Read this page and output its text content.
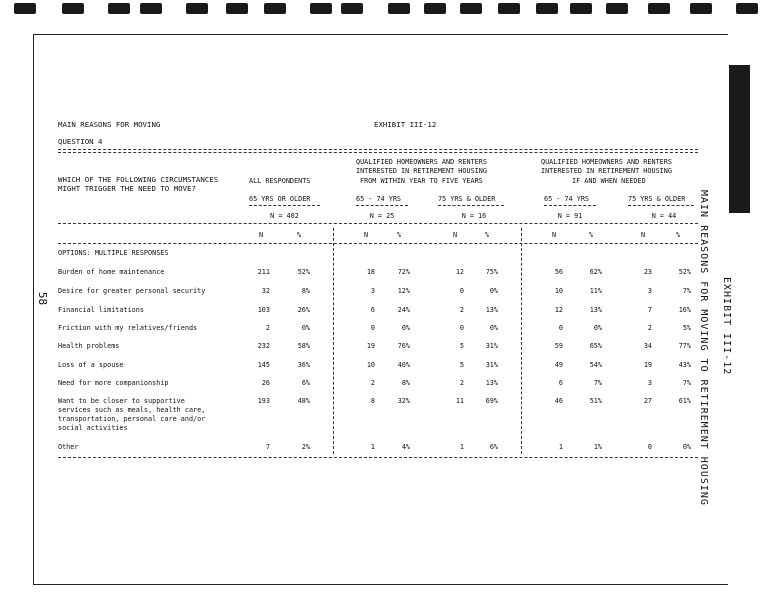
58	MAIN REASONS FOR MOVING TO RETIREMENT HOUSING EXHIBIT III-12
MAIN REASONS FOR MOVING	EXHIBIT III-12
QUESTION 4
WHICH OF THE FOLLOWING CIRCUMSTANCES
MIGHT TRIGGER THE NEED TO MOVE?
ALL RESPONDENTS
QUALIFIED HOMEOWNERS AND RENTERS
INTERESTED IN RETIREMENT HOUSING
FROM WITHIN YEAR TO FIVE YEARS
QUALIFIED HOMEOWNERS AND RENTERS
INTERESTED IN RETIREMENT HOUSING
IF AND WHEN NEEDED
65 YRS OR OLDER	65 - 74 YRS	75 YRS & OLDER	65 - 74 YRS	75 YRS & OLDER
N = 402	N = 25	N = 16	N = 91	N = 44
N	%	N	%	N	%	N	%	N	%
OPTIONS: MULTIPLE RESPONSES
Burden of home maintenance	211	52%	18	72%	12	75%	56	62%	23	52%
Desire for greater personal security	32	8%	3	12%	0	0%	10	11%	3	7%
Financial limitations	103	26%	6	24%	2	13%	12	13%	7	16%
Friction with my relatives/friends	2	0%	0	0%	0	0%	0	0%	2	5%
Health problems	232	58%	19	76%	5	31%	59	65%	34	77%
Loss of a spouse	145	36%	10	40%	5	31%	49	54%	19	43%
Need for more companionship	26	6%	2	8%	2	13%	6	7%	3	7%
Want to be closer to supportive
services such as meals, health care,
transportation, personal care and/or
social activities
193	48%	8	32%	11	69%	46	51%	27	61%
Other	7	2%	1	4%	1	6%	1	1%	0	0%
